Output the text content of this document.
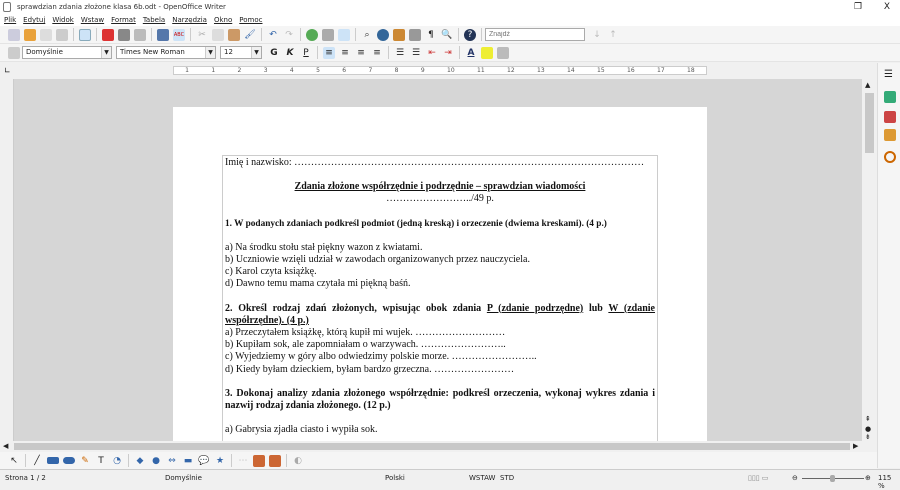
sprawdzian zdania złożone klasa 6b.odt - OpenOffice Writer	❐	X
Plik Edytuj Widok Wstaw Format Tabela Narzędzia Okno Pomoc
ABC ✂	🖌 ↶ ↷	⌕	¶ 🔍	?
Znajdź	↓ ↑
Domyślnie	▼	Times New Roman	▼	12	▼ G K	P	≡ ≡ ≡ ≡ ☰ ☰ ⇤ ⇥ A
∟	1	1	2	3	4	5	6	7	8	9	10	11	12	13	14	15	16	17	18

Imię i nazwisko: ……………………………………………………………………………………………

Zdania złożone współrzędnie i podrzędnie – sprawdzian wiadomości

……………………../49 p.

1. W podanych zdaniach podkreśl podmiot (jedną kreską) i orzeczenie (dwiema kreskami). (4 p.)

a) Na środku stołu stał piękny wazon z kwiatami.

b) Uczniowie wzięli udział w zawodach organizowanych przez nauczyciela.

c) Karol czyta książkę.

d) Dawno temu mama czytała mi piękną baśń.

2. Określ rodzaj zdań złożonych, wpisując obok zdania P (zdanie podrzędne) lub W (zdanie współrzędne). (4 p.)

a) Przeczytałem książkę, którą kupił mi wujek. ………………………

b) Kupiłam sok, ale zapomniałam o warzywach. ……………………..

c) Wyjedziemy w góry albo odwiedzimy polskie morze. ……………………..

d) Kiedy byłam dzieckiem, byłam bardzo grzeczna. ……………………

3. Dokonaj analizy zdania złożonego współrzędnie: podkreśl orzeczenia, wykonaj wykres zdania i nazwij rodzaj zdania złożonego. (12 p.)

a) Gabrysia zjadła ciasto i wypiła sok.

▲
⇞
●
⇟
☰
◀	▶
↖	╱	✎	T	◔ ◆ ● ⇔ ▬ 💬 ★ ⋯	◐
Strona 1 / 2	Domyślnie	Polski	WSTAW STD	▯▯▯ ▭	⊖	⊕ 115 %
